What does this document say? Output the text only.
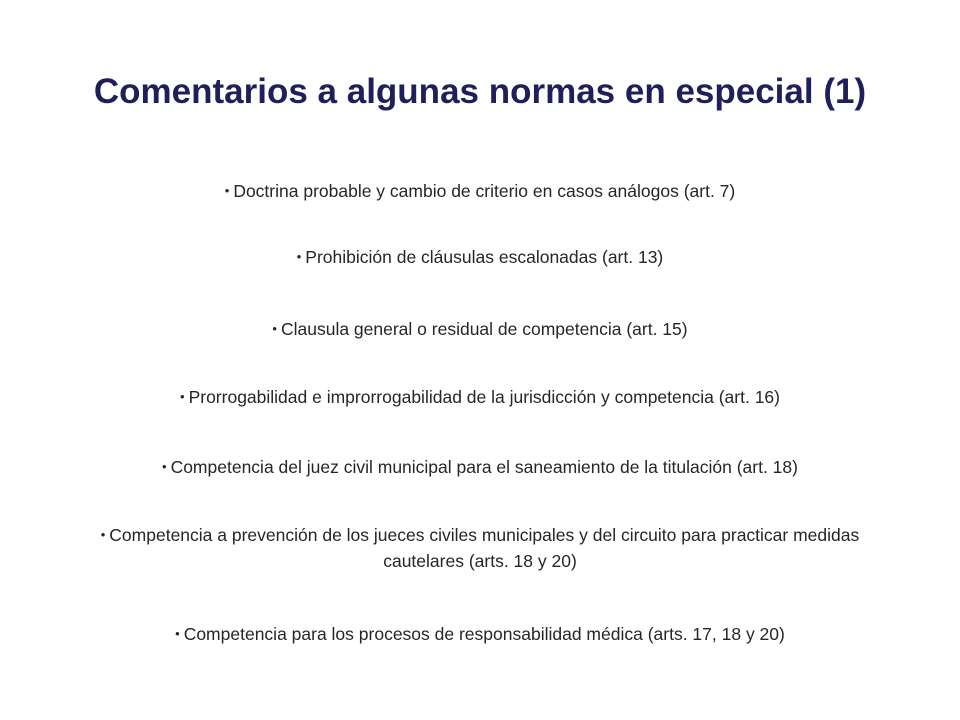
Comentarios a algunas normas en especial (1)
• Doctrina probable y cambio de criterio en casos análogos (art. 7)
• Prohibición de cláusulas escalonadas (art. 13)
• Clausula general o residual de competencia (art. 15)
• Prorrogabilidad e improrrogabilidad de la jurisdicción y competencia (art. 16)
• Competencia del juez civil municipal para el saneamiento de la titulación (art. 18)
• Competencia a prevención de los jueces civiles municipales y del circuito para practicar medidas cautelares (arts. 18 y 20)
• Competencia para los procesos de responsabilidad médica (arts. 17, 18 y 20)
